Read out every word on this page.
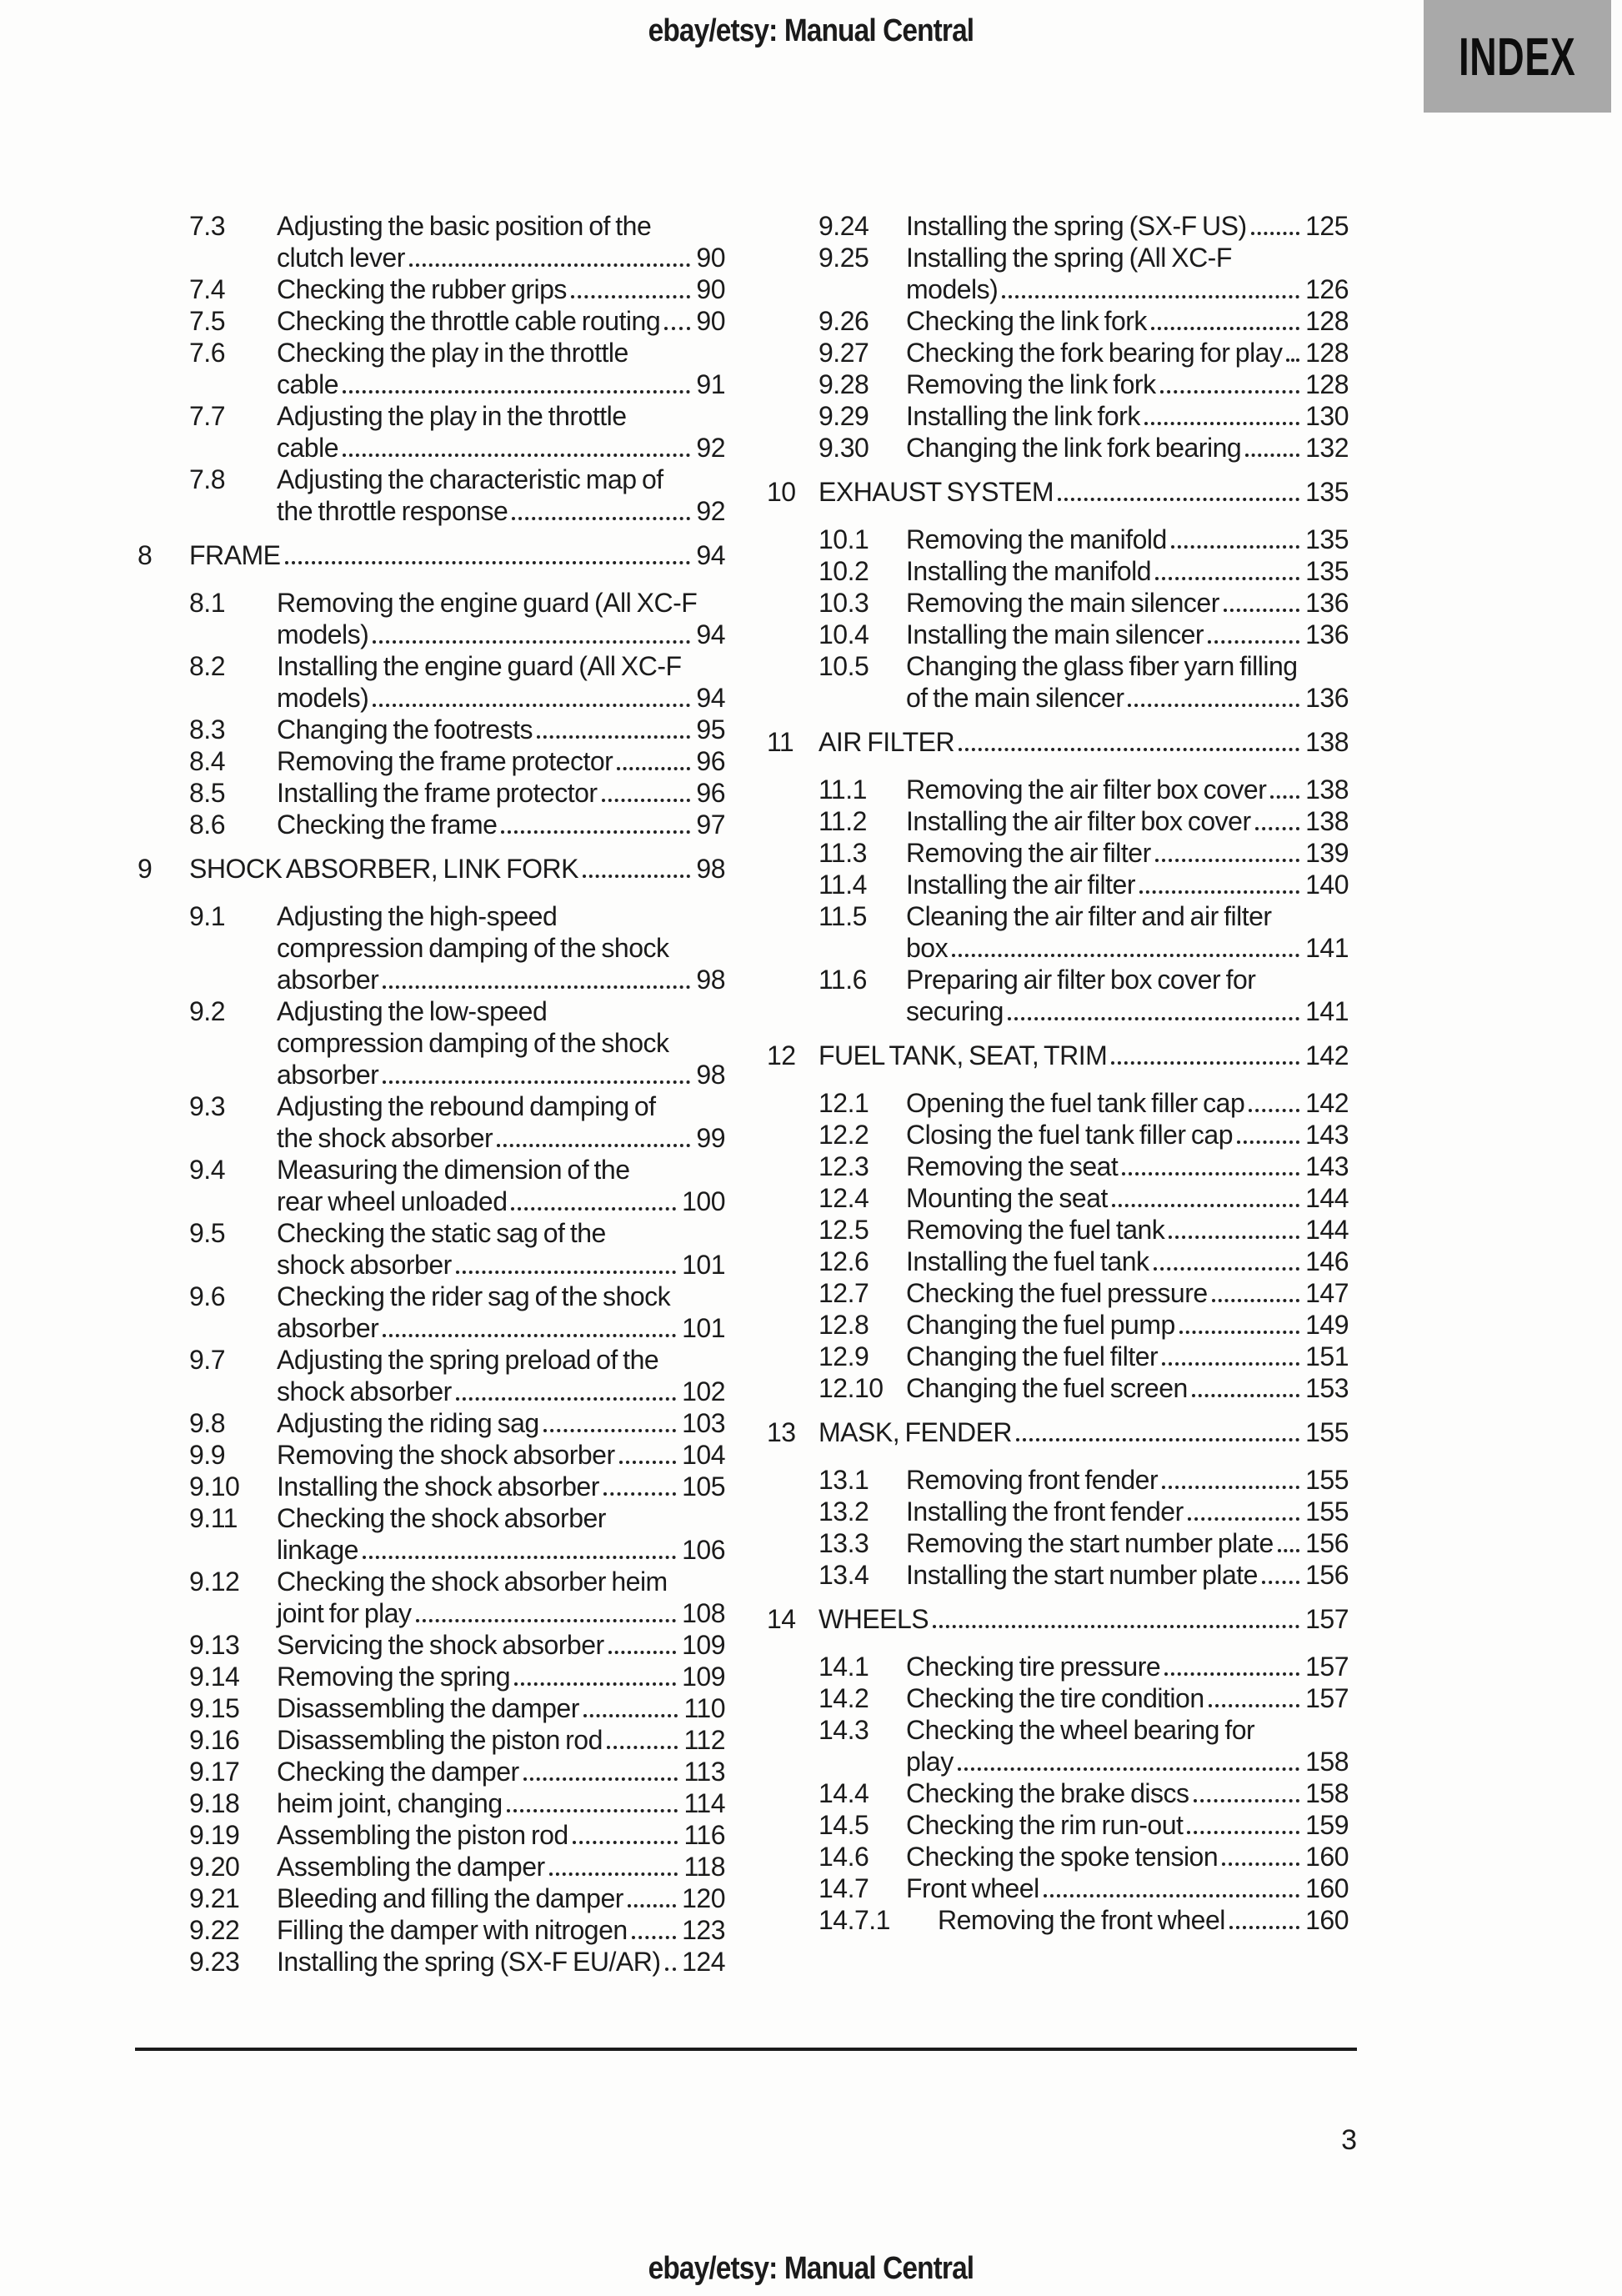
ebay/etsy: Manual Central	INDEX
7.3	Adjusting the basic position of the
clutch lever	90
7.4	Checking the rubber grips	90
7.5	Checking the throttle cable routing 90
7.6	Checking the play in the throttle
cable	91
7.7	Adjusting the play in the throttle
cable	92
7.8	Adjusting the characteristic map of
the throttle response	92
8	FRAME	94
8.1	Removing the engine guard (All XC-F
models)	94
8.2	Installing the engine guard (All XC-F
models)	94
8.3	Changing the footrests	95
8.4	Removing the frame protector	96
8.5	Installing the frame protector	96
8.6	Checking the frame	97
9	SHOCK ABSORBER, LINK FORK	98
9.1	Adjusting the high-speed
compression damping of the shock
absorber	98
9.2	Adjusting the low-speed
compression damping of the shock
absorber	98
9.3	Adjusting the rebound damping of
the shock absorber	99
9.4	Measuring the dimension of the
rear wheel unloaded	100
9.5	Checking the static sag of the
shock absorber	101
9.6	Checking the rider sag of the shock
absorber	101
9.7	Adjusting the spring preload of the
shock absorber	102
9.8	Adjusting the riding sag	103
9.9	Removing the shock absorber	104
9.10	Installing the shock absorber	105
9.11	Checking the shock absorber
linkage	106
9.12	Checking the shock absorber heim
joint for play	108
9.13	Servicing the shock absorber	109
9.14	Removing the spring	109
9.15	Disassembling the damper	110
9.16	Disassembling the piston rod	112
9.17	Checking the damper	113
9.18	heim joint, changing	114
9.19	Assembling the piston rod	116
9.20	Assembling the damper	118
9.21	Bleeding and filling the damper 120
9.22	Filling the damper with nitrogen 123
9.23	Installing the spring (SX-F EU/AR) 124
9.24	Installing the spring (SX-F US) 125
9.25	Installing the spring (All XC-F
models)	126
9.26	Checking the link fork	128
9.27	Checking the fork bearing for play 128
9.28	Removing the link fork	128
9.29	Installing the link fork	130
9.30	Changing the link fork bearing 132
10 EXHAUST SYSTEM	135
10.1	Removing the manifold	135
10.2	Installing the manifold	135
10.3	Removing the main silencer	136
10.4	Installing the main silencer	136
10.5	Changing the glass fiber yarn filling
of the main silencer	136
11 AIR FILTER	138
11.1	Removing the air filter box cover 138
11.2	Installing the air filter box cover 138
11.3	Removing the air filter	139
11.4	Installing the air filter	140
11.5	Cleaning the air filter and air filter
box	141
11.6	Preparing air filter box cover for
securing	141
12 FUEL TANK, SEAT, TRIM	142
12.1	Opening the fuel tank filler cap 142
12.2	Closing the fuel tank filler cap	143
12.3	Removing the seat	143
12.4	Mounting the seat	144
12.5	Removing the fuel tank	144
12.6	Installing the fuel tank	146
12.7	Checking the fuel pressure	147
12.8	Changing the fuel pump	149
12.9	Changing the fuel filter	151
12.10 Changing the fuel screen	153
13 MASK, FENDER	155
13.1	Removing front fender	155
13.2	Installing the front fender	155
13.3	Removing the start number plate 156
13.4	Installing the start number plate 156
14 WHEELS	157
14.1	Checking tire pressure	157
14.2	Checking the tire condition	157
14.3	Checking the wheel bearing for
play	158
14.4	Checking the brake discs	158
14.5	Checking the rim run-out	159
14.6	Checking the spoke tension	160
14.7	Front wheel	160
14.7.1	Removing the front wheel	160
3
ebay/etsy: Manual Central
